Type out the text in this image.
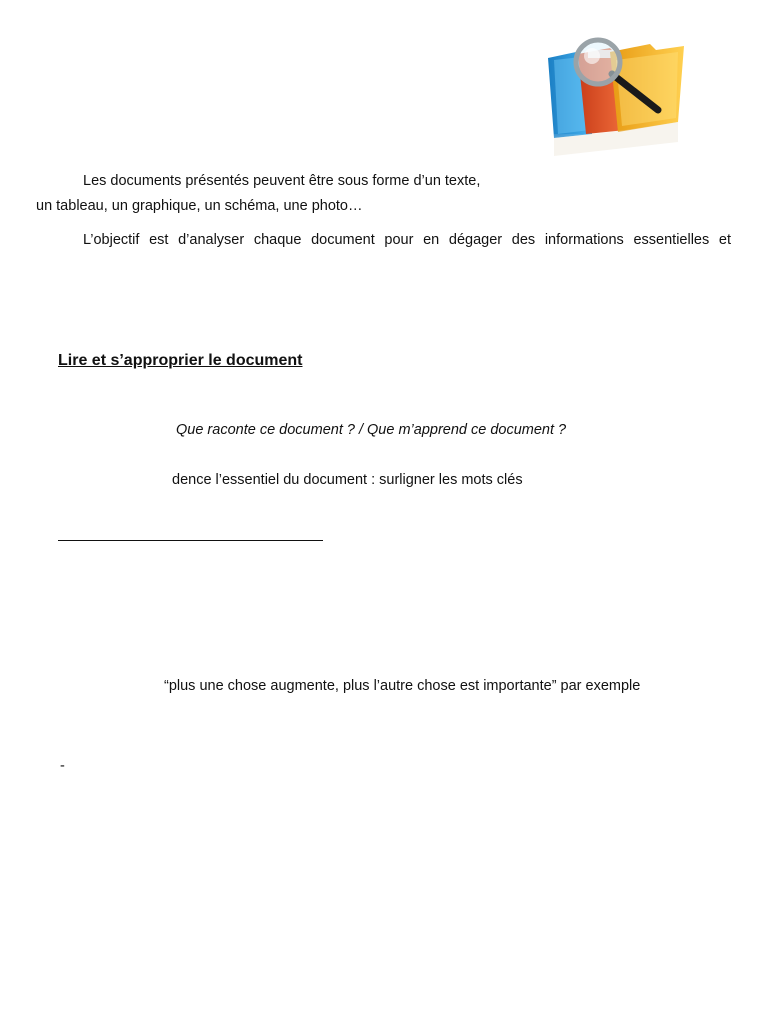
Les documents présentés peuvent être sous forme d’un texte,
un tableau, un graphique, un schéma, une photo…
L’objectif est d’analyser chaque document pour en dégager des informations essentielles et
Lire et s’approprier le document
Que raconte ce document ? / Que m’apprend ce document ?
dence l’essentiel du document : surligner les mots clés
“plus une chose augmente, plus l’autre chose est importante” par exemple
-
